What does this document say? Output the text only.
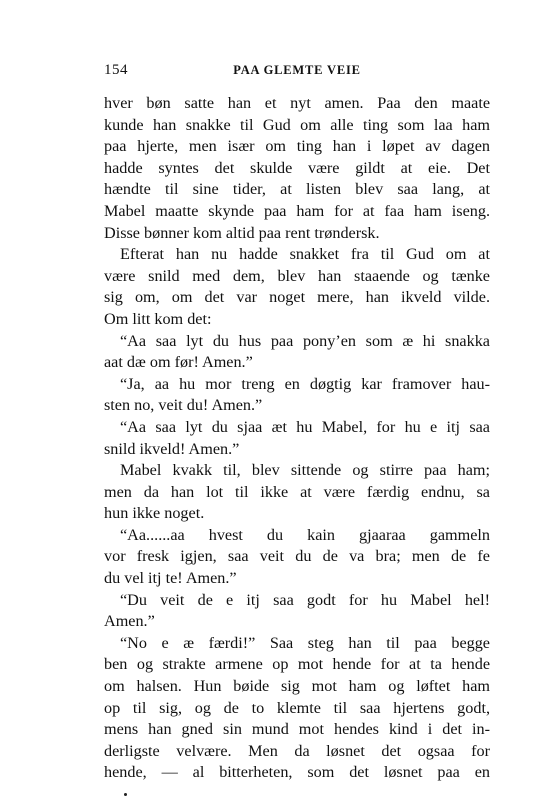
154	PAA GLEMTE VEIE
hver bøn satte han et nyt amen. Paa den maate
kunde han snakke til Gud om alle ting som laa ham
paa hjerte, men især om ting han i løpet av dagen
hadde syntes det skulde være gildt at eie. Det
hændte til sine tider, at listen blev saa lang, at
Mabel maatte skynde paa ham for at faa ham iseng.
Disse bønner kom altid paa rent trøndersk.
Efterat han nu hadde snakket fra til Gud om at
være snild med dem, blev han staaende og tænke
sig om, om det var noget mere, han ikveld vilde.
Om litt kom det:
“Aa saa lyt du hus paa pony’en som æ hi snakka
aat dæ om før! Amen.”
“Ja, aa hu mor treng en døgtig kar framover hau-
sten no, veit du! Amen.”
“Aa saa lyt du sjaa æt hu Mabel, for hu e itj saa
snild ikveld! Amen.”
Mabel kvakk til, blev sittende og stirre paa ham;
men da han lot til ikke at være færdig endnu, sa
hun ikke noget.
“Aa......aa hvest du kain gjaaraa gammeln
vor fresk igjen, saa veit du de va bra; men de fe
du vel itj te! Amen.”
“Du veit de e itj saa godt for hu Mabel hel!
Amen.”
“No e æ færdi!” Saa steg han til paa begge
ben og strakte armene op mot hende for at ta hende
om halsen. Hun bøide sig mot ham og løftet ham
op til sig, og de to klemte til saa hjertens godt,
mens han gned sin mund mot hendes kind i det in-
derligste velvære. Men da løsnet det ogsaa for
hende, — al bitterheten, som det løsnet paa en
